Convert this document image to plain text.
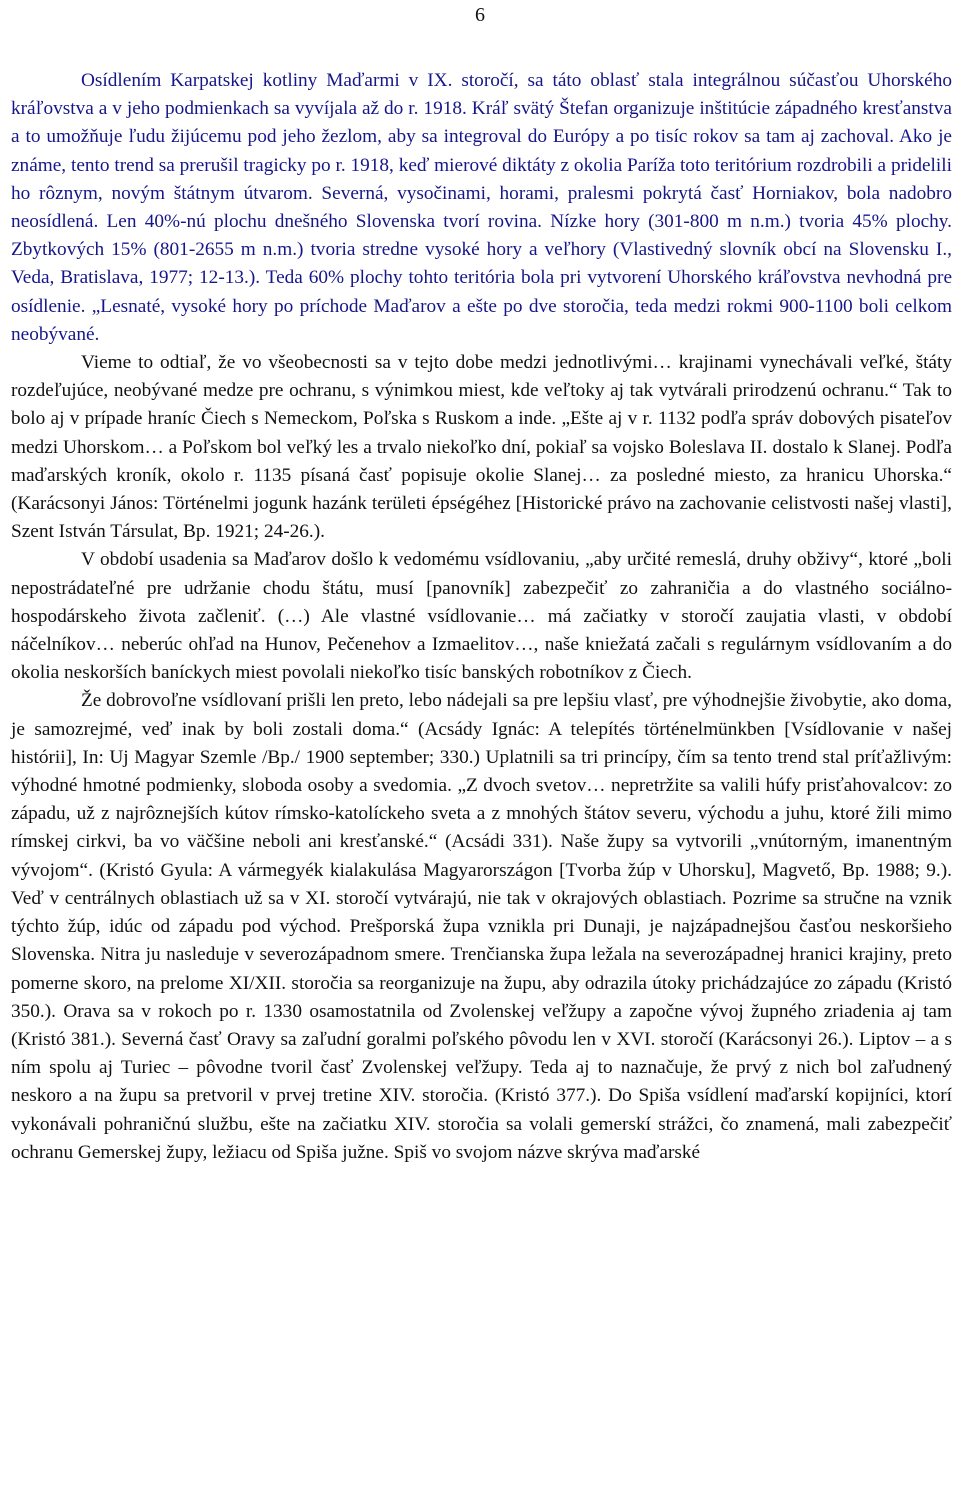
6

Osídlením Karpatskej kotliny Maďarmi v IX. storočí, sa táto oblasť stala integrálnou súčasťou Uhorského kráľovstva a v jeho podmienkach sa vyvíjala až do r. 1918. Kráľ svätý Štefan organizuje inštitúcie západného kresťanstva a to umožňuje ľudu žijúcemu pod jeho žezlom, aby sa integroval do Európy a po tisíc rokov sa tam aj zachoval. Ako je známe, tento trend sa prerušil tragicky po r. 1918, keď mierové diktáty z okolia Paríža toto teritórium rozdrobili a pridelili ho rôznym, novým štátnym útvarom. Severná, vysočinami, horami, pralesmi pokrytá časť Horniakov, bola nadobro neosídlená. Len 40%-nú plochu dnešného Slovenska tvorí rovina. Nízke hory (301-800 m n.m.) tvoria 45% plochy. Zbytkových 15% (801-2655 m n.m.) tvoria stredne vysoké hory a veľhory (Vlastivedný slovník obcí na Slovensku I., Veda, Bratislava, 1977; 12-13.). Teda 60% plochy tohto teritória bola pri vytvorení Uhorského kráľovstva nevhodná pre osídlenie. „Lesnaté, vysoké hory po príchode Maďarov a ešte po dve storočia, teda medzi rokmi 900-1100 boli celkom neobývané.

Vieme to odtiaľ, že vo všeobecnosti sa v tejto dobe medzi jednotlivými… krajinami vynechávali veľké, štáty rozdeľujúce, neobývané medze pre ochranu, s výnimkou miest, kde veľtoky aj tak vytvárali prirodzenú ochranu.“ Tak to bolo aj v prípade hraníc Čiech s Nemeckom, Poľska s Ruskom a inde. „Ešte aj v r. 1132 podľa správ dobových pisateľov medzi Uhorskom… a Poľskom bol veľký les a trvalo niekoľko dní, pokiaľ sa vojsko Boleslava II. dostalo k Slanej. Podľa maďarských kroník, okolo r. 1135 písaná časť popisuje okolie Slanej… za posledné miesto, za hranicu Uhorska.“ (Karácsonyi János: Történelmi jogunk hazánk területi épségéhez [Historické právo na zachovanie celistvosti našej vlasti], Szent István Társulat, Bp. 1921; 24-26.).

V období usadenia sa Maďarov došlo k vedomému vsídlovaniu, „aby určité remeslá, druhy obživy“, ktoré „boli nepostrádateľné pre udržanie chodu štátu, musí [panovník] zabezpečiť zo zahraničia a do vlastného sociálno-hospodárskeho života začleniť. (…) Ale vlastné vsídlovanie… má začiatky v storočí zaujatia vlasti, v období náčelníkov… neberúc ohľad na Hunov, Pečenehov a Izmaelitov…, naše kniežatá začali s regulárnym vsídlovaním a do okolia neskorších baníckych miest povolali niekoľko tisíc banských robotníkov z Čiech.

Že dobrovoľne vsídlovaní prišli len preto, lebo nádejali sa pre lepšiu vlasť, pre výhodnejšie živobytie, ako doma, je samozrejmé, veď inak by boli zostali doma.“ (Acsády Ignác: A telepítés történelmünkben [Vsídlovanie v našej histórii], In: Uj Magyar Szemle /Bp./ 1900 september; 330.) Uplatnili sa tri princípy, čím sa tento trend stal príťažlivým: výhodné hmotné podmienky, sloboda osoby a svedomia. „Z dvoch svetov… nepretržite sa valili húfy prisťahovalcov: zo západu, už z najrôznejších kútov rímsko-katolíckeho sveta a z mnohých štátov severu, východu a juhu, ktoré žili mimo rímskej cirkvi, ba vo väčšine neboli ani kresťanské.“ (Acsádi 331). Naše župy sa vytvorili „vnútorným, imanentným vývojom“. (Kristó Gyula: A vármegyék kialakulása Magyarországon [Tvorba žúp v Uhorsku], Magvető, Bp. 1988; 9.). Veď v centrálnych oblastiach už sa v XI. storočí vytvárajú, nie tak v okrajových oblastiach. Pozrime sa stručne na vznik týchto žúp, idúc od západu pod východ. Prešporská župa vznikla pri Dunaji, je najzápadnejšou časťou neskoršieho Slovenska. Nitra ju nasleduje v severozápadnom smere. Trenčianska župa ležala na severozápadnej hranici krajiny, preto pomerne skoro, na prelome XI/XII. storočia sa reorganizuje na župu, aby odrazila útoky prichádzajúce zo západu (Kristó 350.). Orava sa v rokoch po r. 1330 osamostatnila od Zvolenskej veľžupy a započne vývoj župného zriadenia aj tam (Kristó 381.). Severná časť Oravy sa zaľudní goralmi poľského pôvodu len v XVI. storočí (Karácsonyi 26.). Liptov – a s ním spolu aj Turiec – pôvodne tvoril časť Zvolenskej veľžupy. Teda aj to naznačuje, že prvý z nich bol zaľudnený neskoro a na župu sa pretvoril v prvej tretine XIV. storočia. (Kristó 377.). Do Spiša vsídlení maďarskí kopijníci, ktorí vykonávali pohraničnú službu, ešte na začiatku XIV. storočia sa volali gemerskí strážci, čo znamená, mali zabezpečiť ochranu Gemerskej župy, ležiacu od Spiša južne. Spiš vo svojom názve skrýva maďarské
